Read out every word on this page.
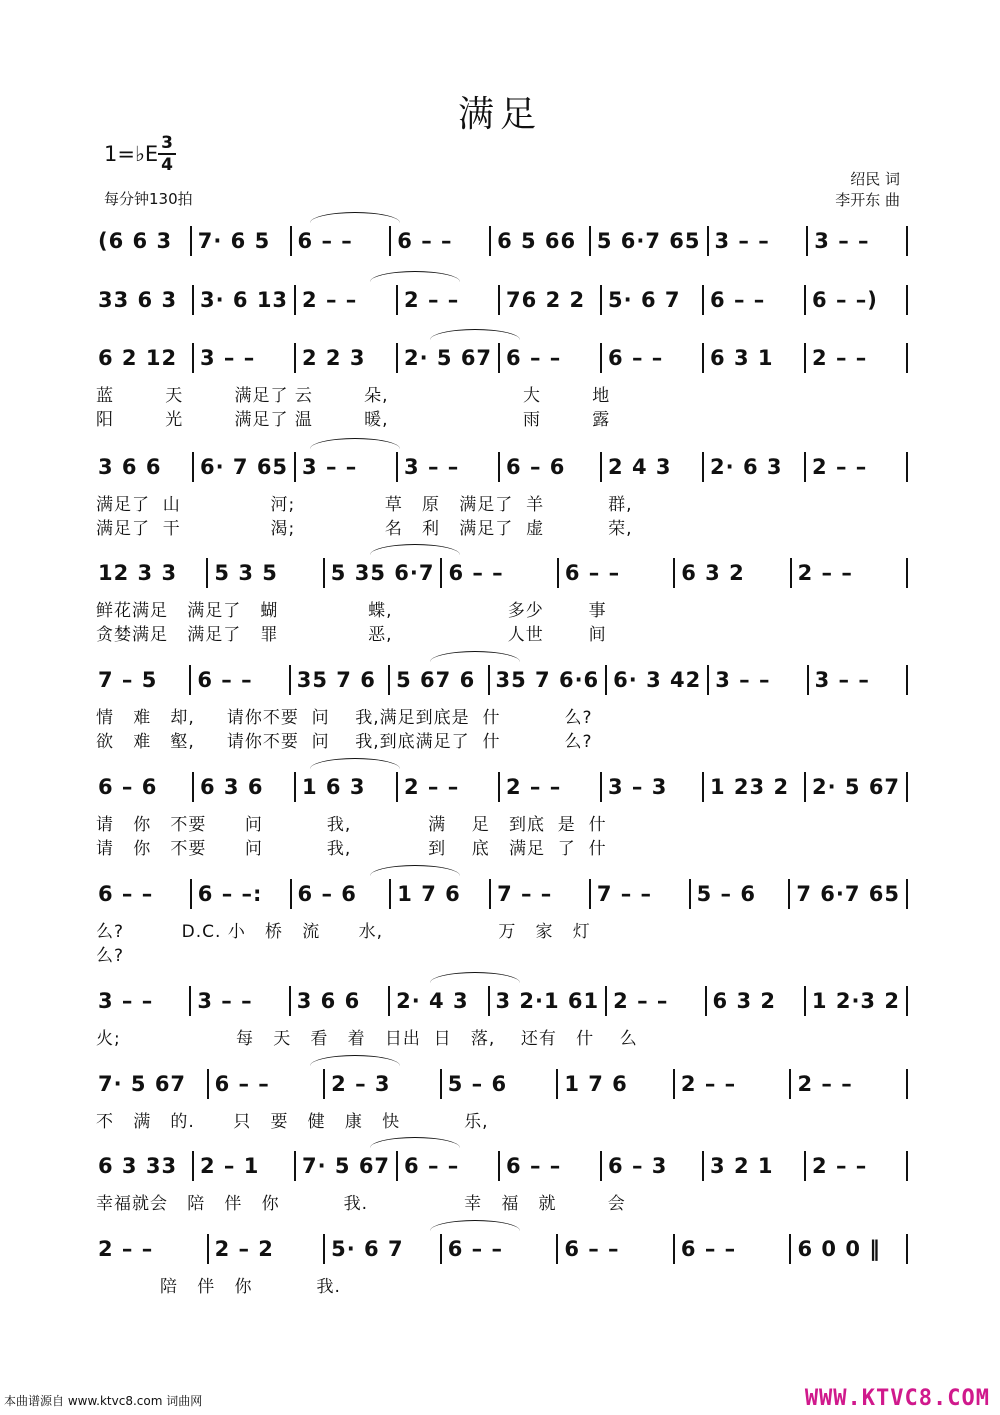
满足
1=♭E $\frac{3}{4}$
每分钟130拍
绍民 词
李开东 曲
(6 6 3	7· 6 5	6 – –	6 – –	6 5 66 5 6·7 65 3 – –	3 – –
33 6 3	3· 6 13 2 – –	2 – –	76 2 2	5· 6 7	6 – –	6 – –)
6 2 12	3 – –	2 2 3	2· 5 67 6 – –	6 – –	6 3 1	2 – –
蓝        天        满足了 云        朵,                     大        地
阳        光        满足了 温        暖,                     雨        露
3 6 6	6· 7 65 3 – –	3 – –	6 – 6	2 4 3	2· 6 3	2 – –
满足了  山              河;              草   原   满足了  羊          群,
满足了  干              渴;              名   利   满足了  虚          荣,
12 3 3	5 3 5	5 35 6·7 6 – –	6 – –	6 3 2	2 – –
鲜花满足   满足了   蝴              蝶,                  多少       事
贪婪满足   满足了   罪              恶,                  人世       间
7 – 5	6 – –	35 7 6 5 67 6 35 7 6·6 6· 3 42 3 – –	3 – –
情   难   却,     请你不要  问    我,满足到底是  什          么?
欲   难   壑,     请你不要  问    我,到底满足了  什          么?
6 – 6	6 3 6	1 6 3	2 – –	2 – –	3 – 3	1 23 2	2· 5 67
请   你   不要      问          我,            满    足   到底  是  什
请   你   不要      问          我,            到    底   满足  了  什
6 – –	6 – –:	6 – 6	1 7 6	7 – –	7 – –	5 – 6	7 6·7 65
么?         D.C. 小   桥   流      水,                  万   家   灯
么?
3 – –	3 – –	3 6 6	2· 4 3	3 2·1 61 2 – –	6 3 2	1 2·3 2
火;                  每   天   看   着   日出  日   落,    还有   什    么
7· 5 67	6 – –	2 – 3	5 – 6	1 7 6	2 – –	2 – –
不   满   的.      只   要   健   康   快          乐,
6 3 33	2 – 1	7· 5 67 6 – –	6 – –	6 – 3	3 2 1	2 – –
幸福就会   陪   伴   你          我.               幸   福   就        会
2 – –	2 – 2	5· 6 7	6 – –	6 – –	6 – –	6 0 0 ‖
陪   伴   你          我.
本曲谱源自 www.ktvc8.com 词曲网	WWW.KTVC8.COM
